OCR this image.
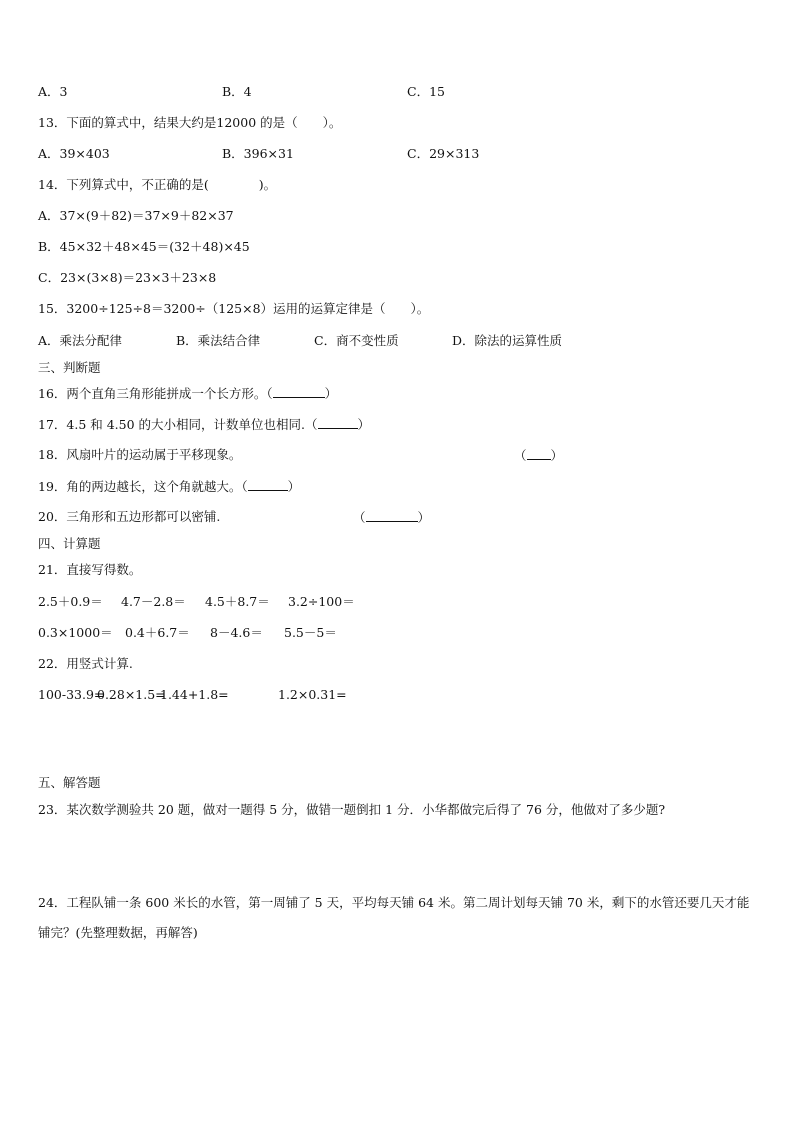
A．3	B．4	C．15
13．下面的算式中，结果大约是12000 的是（　　）。
A．39×403	B．396×31	C．29×313
14．下列算式中，不正确的是(　　　　)。
A．37×(9＋82)＝37×9＋82×37
B．45×32＋48×45＝(32＋48)×45
C．23×(3×8)＝23×3＋23×8
15．3200÷125÷8＝3200÷（125×8）运用的运算定律是（　　）。
A．乘法分配律	B．乘法结合律	C．商不变性质	D．除法的运算性质
三、判断题
16．两个直角三角形能拼成一个长方形。（	）
17．4.5 和 4.50 的大小相同，计数单位也相同.（	）
18．风扇叶片的运动属于平移现象。	（ ）
19．角的两边越长，这个角就越大。（	）
20．三角形和五边形都可以密铺.	（	）
四、计算题
21．直接写得数。
2.5＋0.9＝ 4.7－2.8＝ 4.5＋8.7＝ 3.2÷100＝
0.3×1000＝ 0.4＋6.7＝ 8－4.6＝ 5.5－5＝
22．用竖式计算.
100-33.9=
0.28×1.5=
1.44+1.8=	1.2×0.31=
五、解答题
23．某次数学测验共 20 题，做对一题得 5 分，做错一题倒扣 1 分．小华都做完后得了 76 分，他做对了多少题?
24．工程队铺一条 600 米长的水管，第一周铺了 5 天，平均每天铺 64 米。第二周计划每天铺 70 米，剩下的水管还要几天才能铺完？(先整理数据，再解答)
